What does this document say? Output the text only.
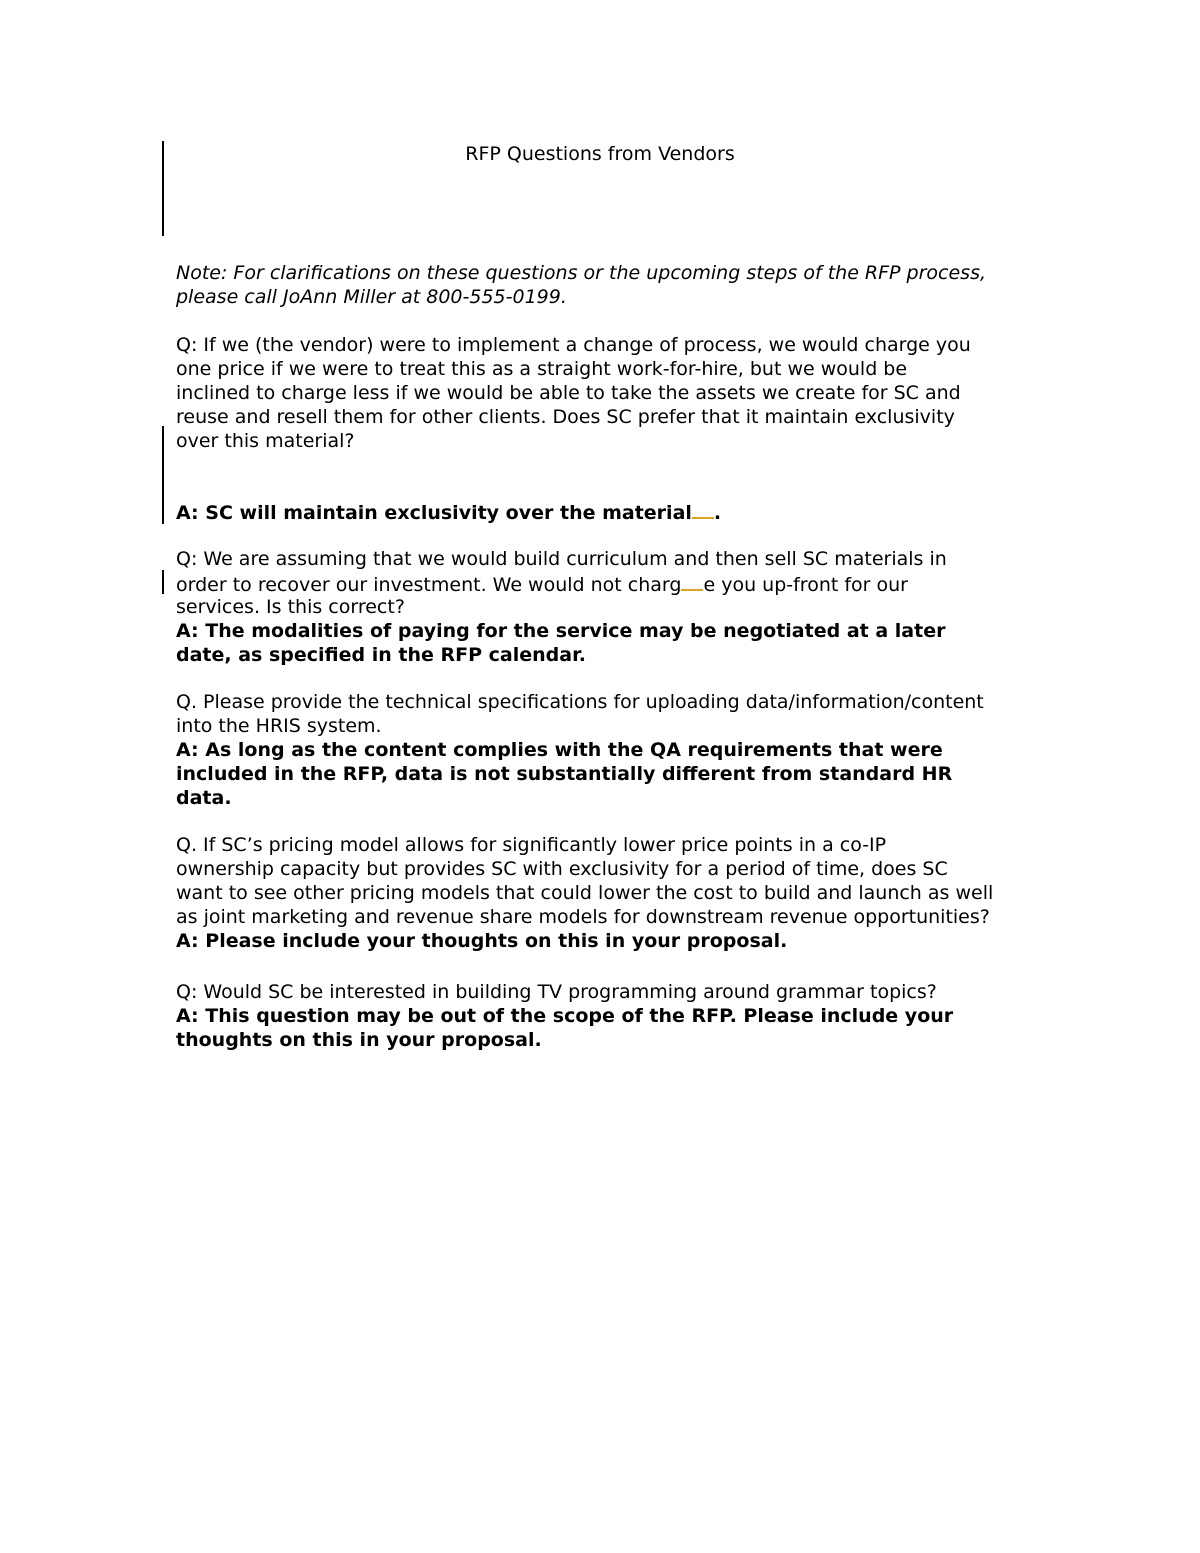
RFP Questions from Vendors
Note: For clarifications on these questions or the upcoming steps of the RFP process,
please call JoAnn Miller at 800-555-0199.
Q: If we (the vendor) were to implement a change of process, we would charge you
one price if we were to treat this as a straight work-for-hire, but we would be
inclined to charge less if we would be able to take the assets we create for SC and
reuse and resell them for other clients. Does SC prefer that it maintain exclusivity
over this material?
A: SC will maintain exclusivity over the material .
Q: We are assuming that we would build curriculum and then sell SC materials in
order to recover our investment. We would not charg e you up-front for our
services. Is this correct?
A: The modalities of paying for the service may be negotiated at a later
date, as specified in the RFP calendar.
Q. Please provide the technical specifications for uploading data/information/content
into the HRIS system.
A: As long as the content complies with the QA requirements that were
included in the RFP, data is not substantially different from standard HR
data.
Q. If SC’s pricing model allows for significantly lower price points in a co-IP
ownership capacity but provides SC with exclusivity for a period of time, does SC
want to see other pricing models that could lower the cost to build and launch as well
as joint marketing and revenue share models for downstream revenue opportunities?
A: Please include your thoughts on this in your proposal.
Q: Would SC be interested in building TV programming around grammar topics?
A: This question may be out of the scope of the RFP. Please include your
thoughts on this in your proposal.
